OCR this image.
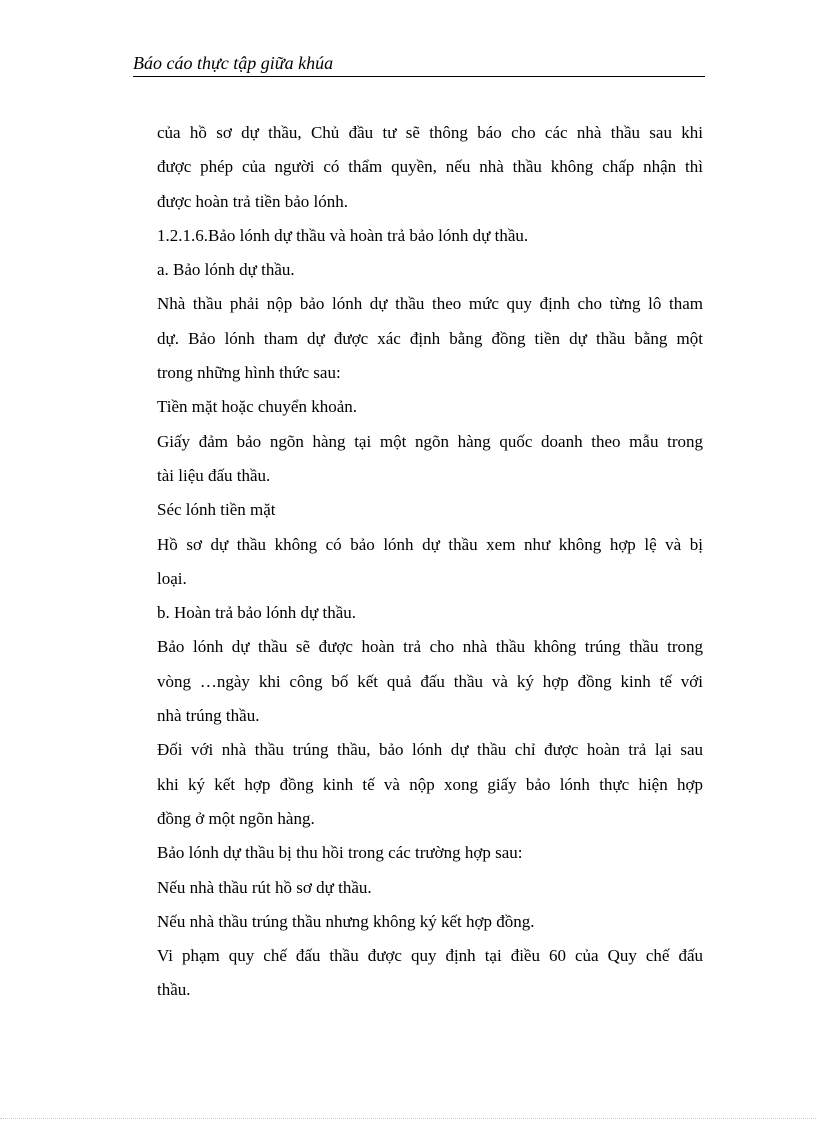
Báo cáo thực tập giữa khúa
của hồ sơ dự thầu, Chủ đầu tư sẽ thông báo cho các nhà thầu sau khi
được phép của người có thẩm quyền, nếu nhà thầu không chấp nhận thì
được hoàn trả tiền bảo lónh.
1.2.1.6.Bảo lónh dự thầu và hoàn trả bảo lónh dự thầu.
a. Bảo lónh dự thầu.
Nhà thầu phải nộp bảo lónh dự thầu theo mức quy định cho từng lô tham
dự. Bảo lónh tham dự được xác định bằng đồng tiền dự thầu bằng một
trong những hình thức sau:
Tiền mặt hoặc chuyển khoản.
Giấy đảm bảo ngõn hàng tại một ngõn hàng quốc doanh theo mẫu trong
tài liệu đấu thầu.
Séc lónh tiền mặt
Hồ sơ dự thầu không có bảo lónh dự thầu xem như không hợp lệ và bị
loại.
b. Hoàn trả bảo lónh dự thầu.
Bảo lónh dự thầu sẽ được hoàn trả cho nhà thầu không trúng thầu trong
vòng …ngày khi công bố kết quả đấu thầu và ký hợp đồng kinh tế với
nhà trúng thầu.
Đối với nhà thầu trúng thầu, bảo lónh dự thầu chỉ được hoàn trả lại sau
khi ký kết hợp đồng kinh tế và nộp xong giấy bảo lónh thực hiện hợp
đồng ở một ngõn hàng.
Bảo lónh dự thầu bị thu hồi trong các trường hợp sau:
Nếu nhà thầu rút hồ sơ dự thầu.
Nếu nhà thầu trúng thầu nhưng không ký kết hợp đồng.
Vi phạm quy chế đấu thầu được quy định tại điều 60 của Quy chế đấu
thầu.
